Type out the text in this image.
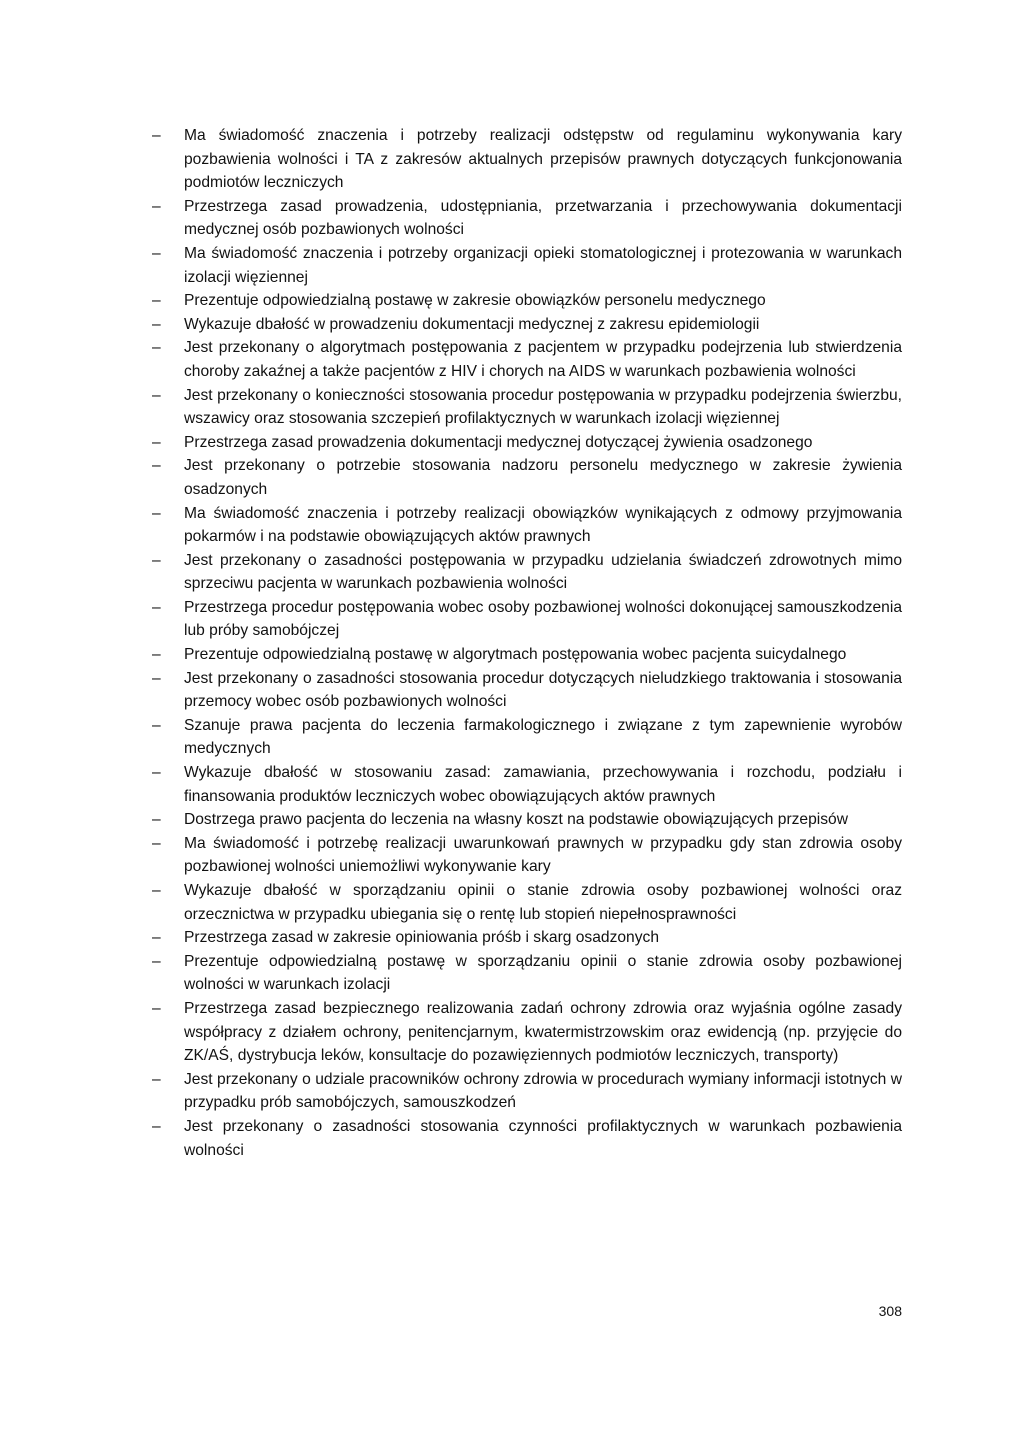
–	Ma świadomość znaczenia i potrzeby realizacji odstępstw od regulaminu wykonywania kary pozbawienia wolności i TA z zakresów aktualnych przepisów prawnych dotyczących funkcjonowania podmiotów leczniczych
–	Przestrzega zasad prowadzenia, udostępniania, przetwarzania i przechowywania dokumentacji medycznej osób pozbawionych wolności
–	Ma świadomość znaczenia i potrzeby organizacji opieki stomatologicznej i protezowania w warunkach izolacji więziennej
–	Prezentuje odpowiedzialną postawę w zakresie obowiązków personelu medycznego
–	Wykazuje dbałość w prowadzeniu dokumentacji medycznej z zakresu epidemiologii
–	Jest przekonany o algorytmach postępowania z pacjentem w przypadku podejrzenia lub stwierdzenia choroby zakaźnej a także pacjentów z HIV i chorych na AIDS w warunkach pozbawienia wolności
–	Jest przekonany o konieczności stosowania procedur postępowania w przypadku podejrzenia świerzbu, wszawicy oraz stosowania szczepień profilaktycznych w warunkach izolacji więziennej
–	Przestrzega zasad prowadzenia dokumentacji medycznej dotyczącej żywienia osadzonego
–	Jest przekonany o potrzebie stosowania nadzoru personelu medycznego w zakresie żywienia osadzonych
–	Ma świadomość znaczenia i potrzeby realizacji obowiązków wynikających z odmowy przyjmowania pokarmów i na podstawie obowiązujących aktów prawnych
–	Jest przekonany o zasadności postępowania w przypadku udzielania świadczeń zdrowotnych mimo sprzeciwu pacjenta w warunkach pozbawienia wolności
–	Przestrzega procedur postępowania wobec osoby pozbawionej wolności dokonującej samouszkodzenia lub próby samobójczej
–	Prezentuje odpowiedzialną postawę w algorytmach postępowania wobec pacjenta suicydalnego
–	Jest przekonany o zasadności stosowania procedur dotyczących nieludzkiego traktowania i stosowania przemocy wobec osób pozbawionych wolności
–	Szanuje prawa pacjenta do leczenia farmakologicznego i związane z tym zapewnienie wyrobów medycznych
–	Wykazuje dbałość w stosowaniu zasad: zamawiania, przechowywania i rozchodu, podziału i finansowania produktów leczniczych wobec obowiązujących aktów prawnych
–	Dostrzega prawo pacjenta do leczenia na własny koszt na podstawie obowiązujących przepisów
–	Ma świadomość i potrzebę realizacji uwarunkowań prawnych w przypadku gdy stan zdrowia osoby pozbawionej wolności uniemożliwi wykonywanie kary
–	Wykazuje dbałość w sporządzaniu opinii o stanie zdrowia osoby pozbawionej wolności oraz orzecznictwa w przypadku ubiegania się o rentę lub stopień niepełnosprawności
–	Przestrzega zasad w zakresie opiniowania próśb i skarg osadzonych
–	Prezentuje odpowiedzialną postawę w sporządzaniu opinii o stanie zdrowia osoby pozbawionej wolności w warunkach izolacji
–	Przestrzega zasad bezpiecznego realizowania zadań ochrony zdrowia oraz wyjaśnia ogólne zasady współpracy z działem ochrony, penitencjarnym, kwatermistrzowskim oraz ewidencją (np. przyjęcie do ZK/AŚ, dystrybucja leków, konsultacje do pozawięziennych podmiotów leczniczych, transporty)
–	Jest przekonany o udziale pracowników ochrony zdrowia w procedurach wymiany informacji istotnych w przypadku prób samobójczych, samouszkodzeń
–	Jest przekonany o zasadności stosowania czynności profilaktycznych w warunkach pozbawienia wolności
308
